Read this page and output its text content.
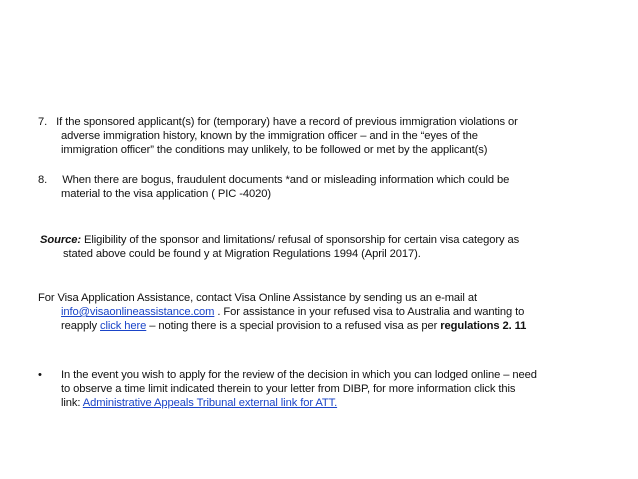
7. If the sponsored applicant(s) for (temporary) have a record of previous immigration violations or
adverse immigration history, known by the immigration officer – and in the “eyes of the
immigration officer” the conditions may unlikely, to be followed or met by the applicant(s)
8. When there are bogus, fraudulent documents *and or misleading information which could be
material to the visa application ( PIC -4020)
Source: Eligibility of the sponsor and limitations/ refusal of sponsorship for certain visa category as
stated above could be found y at Migration Regulations 1994 (April 2017).
For Visa Application Assistance, contact Visa Online Assistance by sending us an e-mail at
info@visaonlineassistance.com . For assistance in your refused visa to Australia and wanting to
reapply click here – noting there is a special provision to a refused visa as per regulations 2. 11
•	In the event you wish to apply for the review of the decision in which you can lodged online – need
to observe a time limit indicated therein to your letter from DIBP, for more information click this
link: Administrative Appeals Tribunal external link for ATT.
